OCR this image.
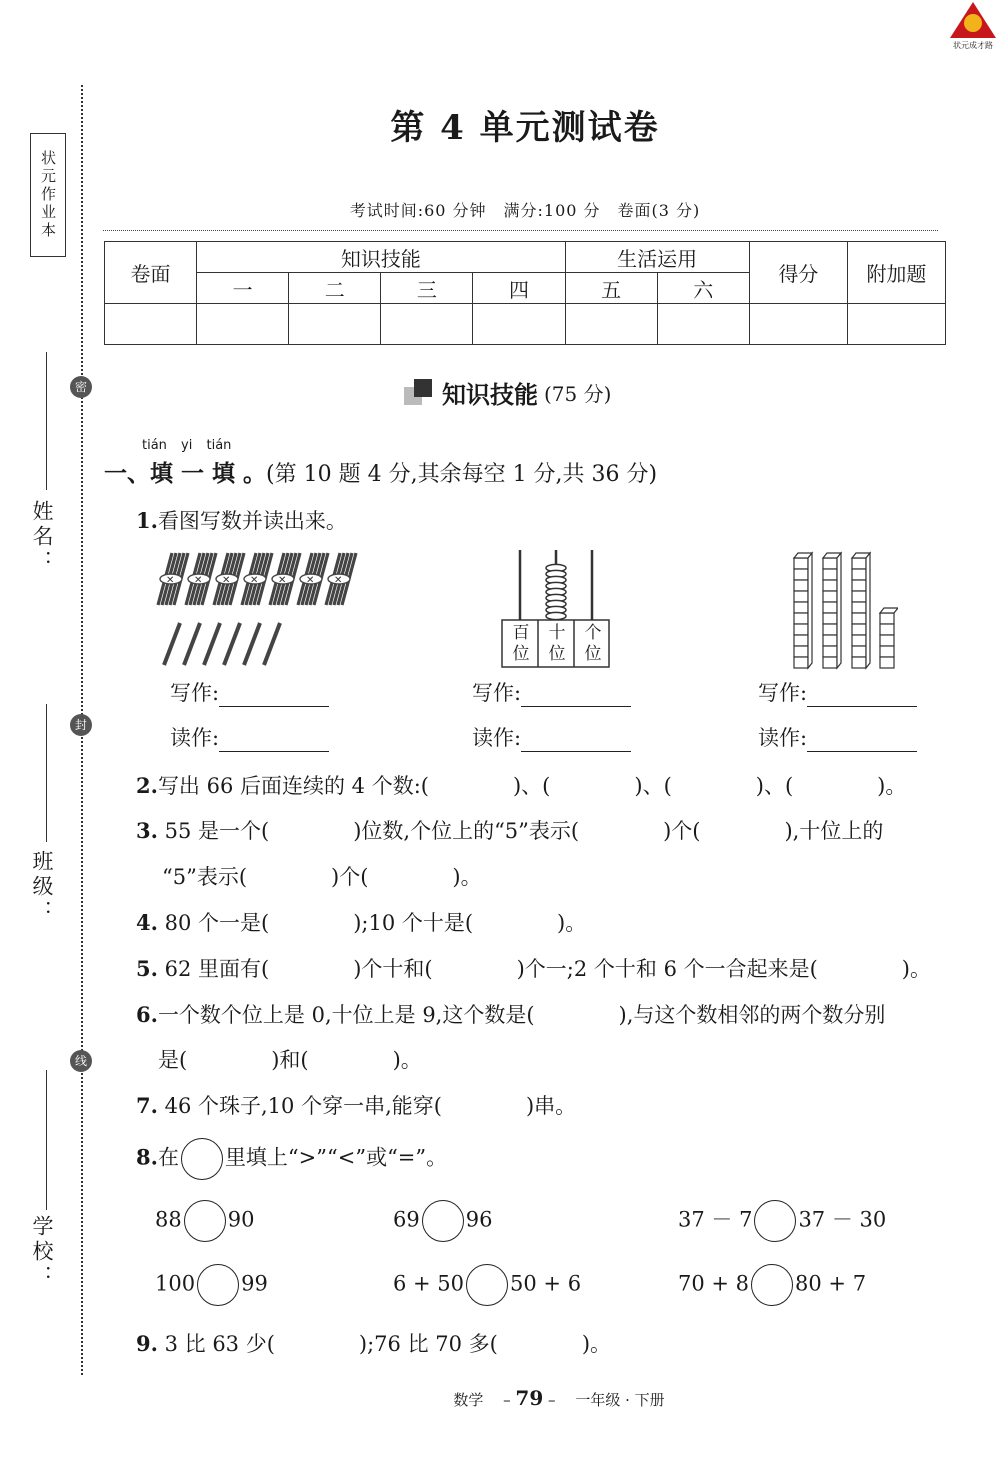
状元作业本
密
封
线
姓名：
班级：
学校：
状元成才路
第 4 单元测试卷
考试时间:60 分钟　满分:100 分　卷面(3 分)
卷面	知识技能				生活运用		得分	附加题
	一	二	三	四	五	六		

知识技能 (75 分)
tián yi tián
一、填 一 填 。(第 10 题 4 分,其余每空 1 分,共 36 分)
1.看图写数并读出来。
✕ ✕ ✕ ✕ ✕ ✕ ✕
百
位
十
位
个
位
写作:
读作:
写作:
读作:
写作:
读作:
2.写出 66 后面连续的 4 个数:(　　　　)、(　　　　)、(　　　　)、(　　　　)。
3. 55 是一个(　　　　)位数,个位上的“5”表示(　　　　)个(　　　　),十位上的
“5”表示(　　　　)个(　　　　)。
4. 80 个一是(　　　　);10 个十是(　　　　)。
5. 62 里面有(　　　　)个十和(　　　　)个一;2 个十和 6 个一合起来是(　　　　)。
6.一个数个位上是 0,十位上是 9,这个数是(　　　　),与这个数相邻的两个数分别
是(　　　　)和(　　　　)。
7. 46 个珠子,10 个穿一串,能穿(　　　　)串。
8.在 里填上“>”“<”或“=”。
88 90	69 96	37 － 7 37 － 30
100 99	6 + 50 50 + 6	70 + 8 80 + 7
9. 3 比 63 少(　　　　);76 比 70 多(　　　　)。
数学 　– 79 –　 一年级 · 下册
